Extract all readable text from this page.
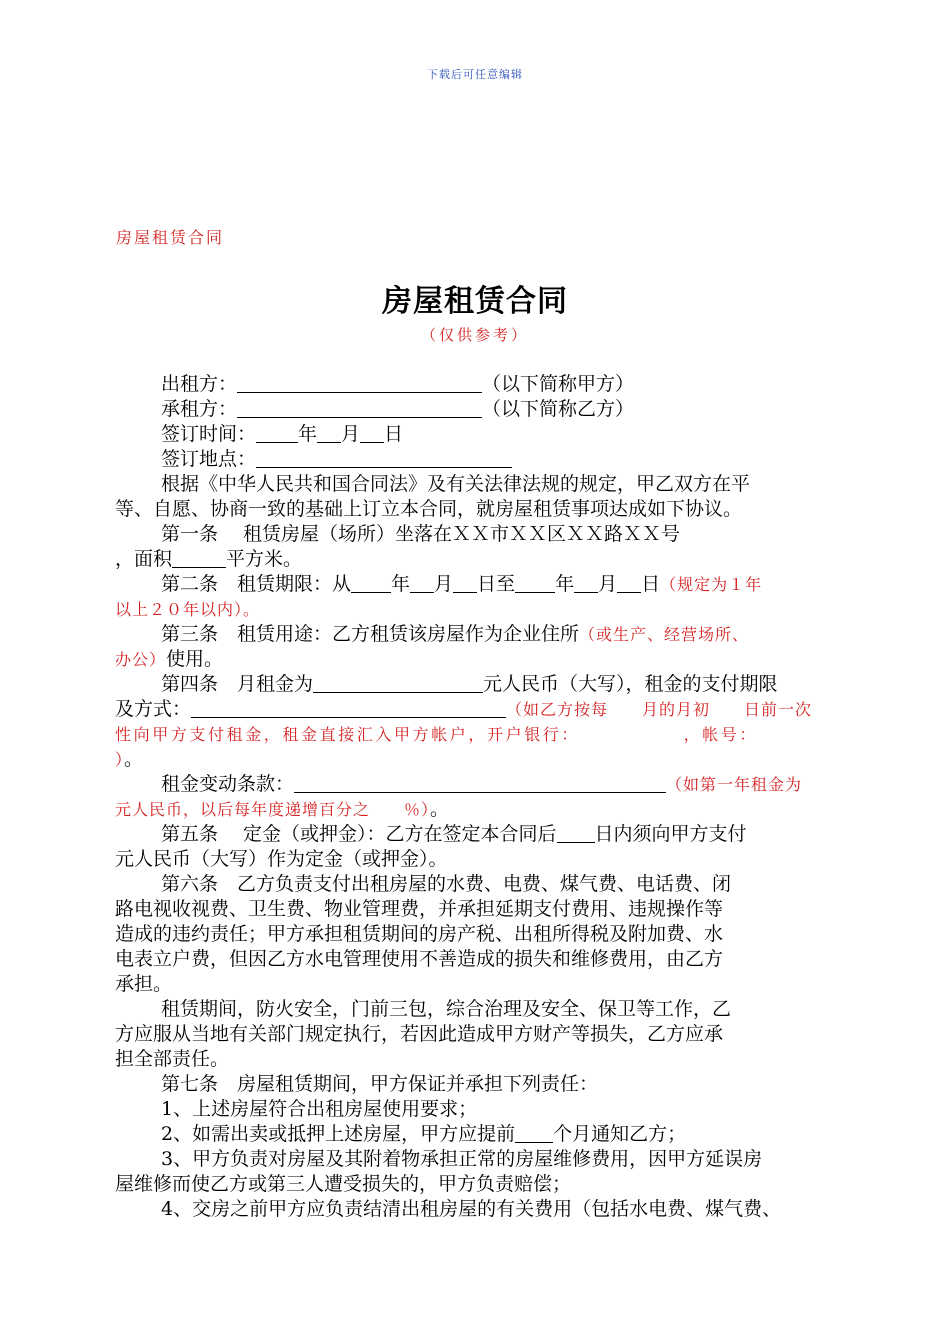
下载后可任意编辑
房屋租赁合同
房屋租赁合同
（仅供参考）

出租方：	（以下简称甲方）

承租方：	（以下简称乙方）

签订时间： 年 月 日

签订地点：

根据《中华人民共和国合同法》及有关法律法规的规定，甲乙双方在平

等、自愿、协商一致的基础上订立本合同，就房屋租赁事项达成如下协议。

第一条　 租赁房屋（场所）坐落在ＸＸ市ＸＸ区ＸＸ路ＸＸ号

，面积	平方米。

第二条　租赁期限：从 年 月 日至 年 月 日（规定为１年

以上２０年以内）。

第三条　租赁用途：乙方租赁该房屋作为企业住所（或生产、经营场所、

办公）使用。

第四条　月租金为	元人民币（大写），租金的支付期限

及方式：	（如乙方按每　　月的月初　　日前一次

性向甲方支付租金，租金直接汇入甲方帐户，开户银行：　　　　　　，帐号：

）。

租金变动条款：	（如第一年租金为

元人民币，以后每年度递增百分之　　％）。

第五条　 定金（或押金）：乙方在签定本合同后 日内须向甲方支付

元人民币（大写）作为定金（或押金）。

第六条　乙方负责支付出租房屋的水费、电费、煤气费、电话费、闭

路电视收视费、卫生费、物业管理费，并承担延期支付费用、违规操作等

造成的违约责任；甲方承担租赁期间的房产税、出租所得税及附加费、水

电表立户费，但因乙方水电管理使用不善造成的损失和维修费用，由乙方

承担。

租赁期间，防火安全，门前三包，综合治理及安全、保卫等工作，乙

方应服从当地有关部门规定执行，若因此造成甲方财产等损失，乙方应承

担全部责任。

第七条　房屋租赁期间，甲方保证并承担下列责任：

1、上述房屋符合出租房屋使用要求；

2、如需出卖或抵押上述房屋，甲方应提前 个月通知乙方；

3、甲方负责对房屋及其附着物承担正常的房屋维修费用，因甲方延误房

屋维修而使乙方或第三人遭受损失的，甲方负责赔偿；

4、交房之前甲方应负责结清出租房屋的有关费用（包括水电费、煤气费、
